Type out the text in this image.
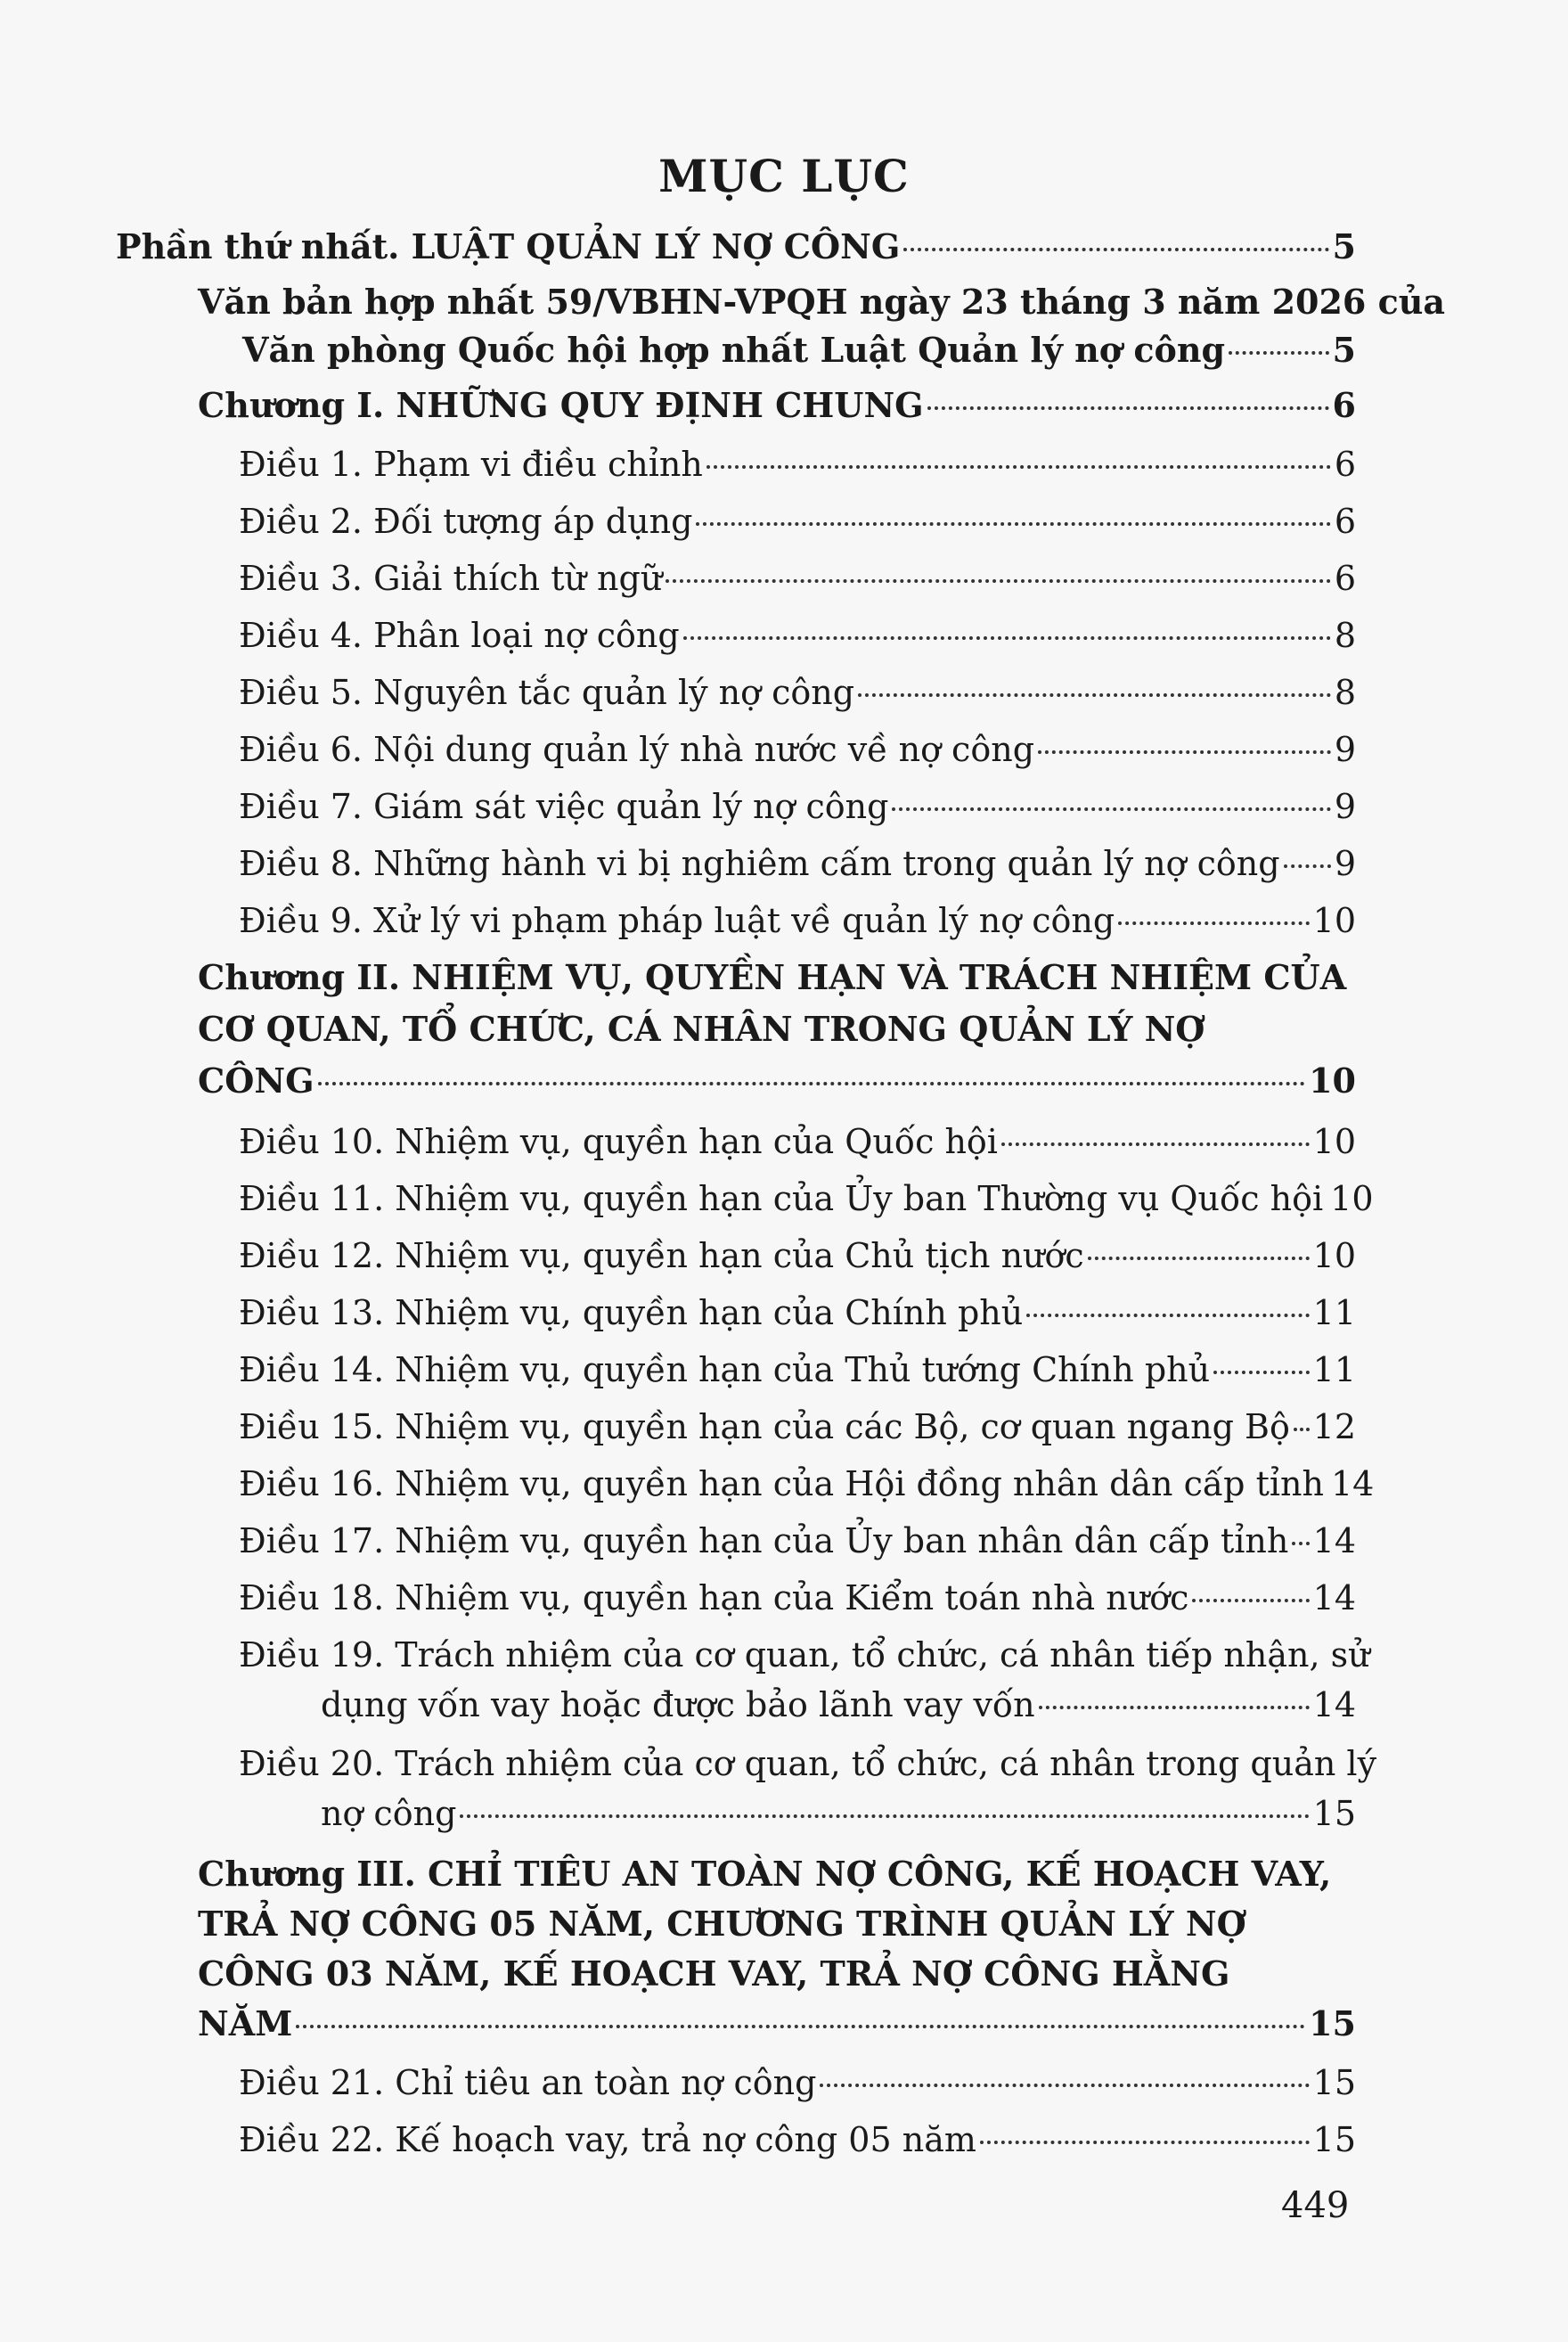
MỤC LỤC
Phần thứ nhất. LUẬT QUẢN LÝ NỢ CÔNG	5
Văn bản hợp nhất 59/VBHN-VPQH ngày 23 tháng 3 năm 2026 của
Văn phòng Quốc hội hợp nhất Luật Quản lý nợ công	5
Chương I. NHỮNG QUY ĐỊNH CHUNG	6
Điều 1. Phạm vi điều chỉnh	6
Điều 2. Đối tượng áp dụng	6
Điều 3. Giải thích từ ngữ	6
Điều 4. Phân loại nợ công	8
Điều 5. Nguyên tắc quản lý nợ công	8
Điều 6. Nội dung quản lý nhà nước về nợ công	9
Điều 7. Giám sát việc quản lý nợ công	9
Điều 8. Những hành vi bị nghiêm cấm trong quản lý nợ công 9
Điều 9. Xử lý vi phạm pháp luật về quản lý nợ công	10
Chương II. NHIỆM VỤ, QUYỀN HẠN VÀ TRÁCH NHIỆM CỦA
CƠ QUAN, TỔ CHỨC, CÁ NHÂN TRONG QUẢN LÝ NỢ
CÔNG	10
Điều 10. Nhiệm vụ, quyền hạn của Quốc hội	10
Điều 11. Nhiệm vụ, quyền hạn của Ủy ban Thường vụ Quốc hội 10
Điều 12. Nhiệm vụ, quyền hạn của Chủ tịch nước	10
Điều 13. Nhiệm vụ, quyền hạn của Chính phủ	11
Điều 14. Nhiệm vụ, quyền hạn của Thủ tướng Chính phủ	11
Điều 15. Nhiệm vụ, quyền hạn của các Bộ, cơ quan ngang Bộ 12
Điều 16. Nhiệm vụ, quyền hạn của Hội đồng nhân dân cấp tỉnh 14
Điều 17. Nhiệm vụ, quyền hạn của Ủy ban nhân dân cấp tỉnh 14
Điều 18. Nhiệm vụ, quyền hạn của Kiểm toán nhà nước	14
Điều 19. Trách nhiệm của cơ quan, tổ chức, cá nhân tiếp nhận, sử
dụng vốn vay hoặc được bảo lãnh vay vốn	14
Điều 20. Trách nhiệm của cơ quan, tổ chức, cá nhân trong quản lý
nợ công	15
Chương III. CHỈ TIÊU AN TOÀN NỢ CÔNG, KẾ HOẠCH VAY,
TRẢ NỢ CÔNG 05 NĂM, CHƯƠNG TRÌNH QUẢN LÝ NỢ
CÔNG 03 NĂM, KẾ HOẠCH VAY, TRẢ NỢ CÔNG HẰNG
NĂM	15
Điều 21. Chỉ tiêu an toàn nợ công	15
Điều 22. Kế hoạch vay, trả nợ công 05 năm	15
449
